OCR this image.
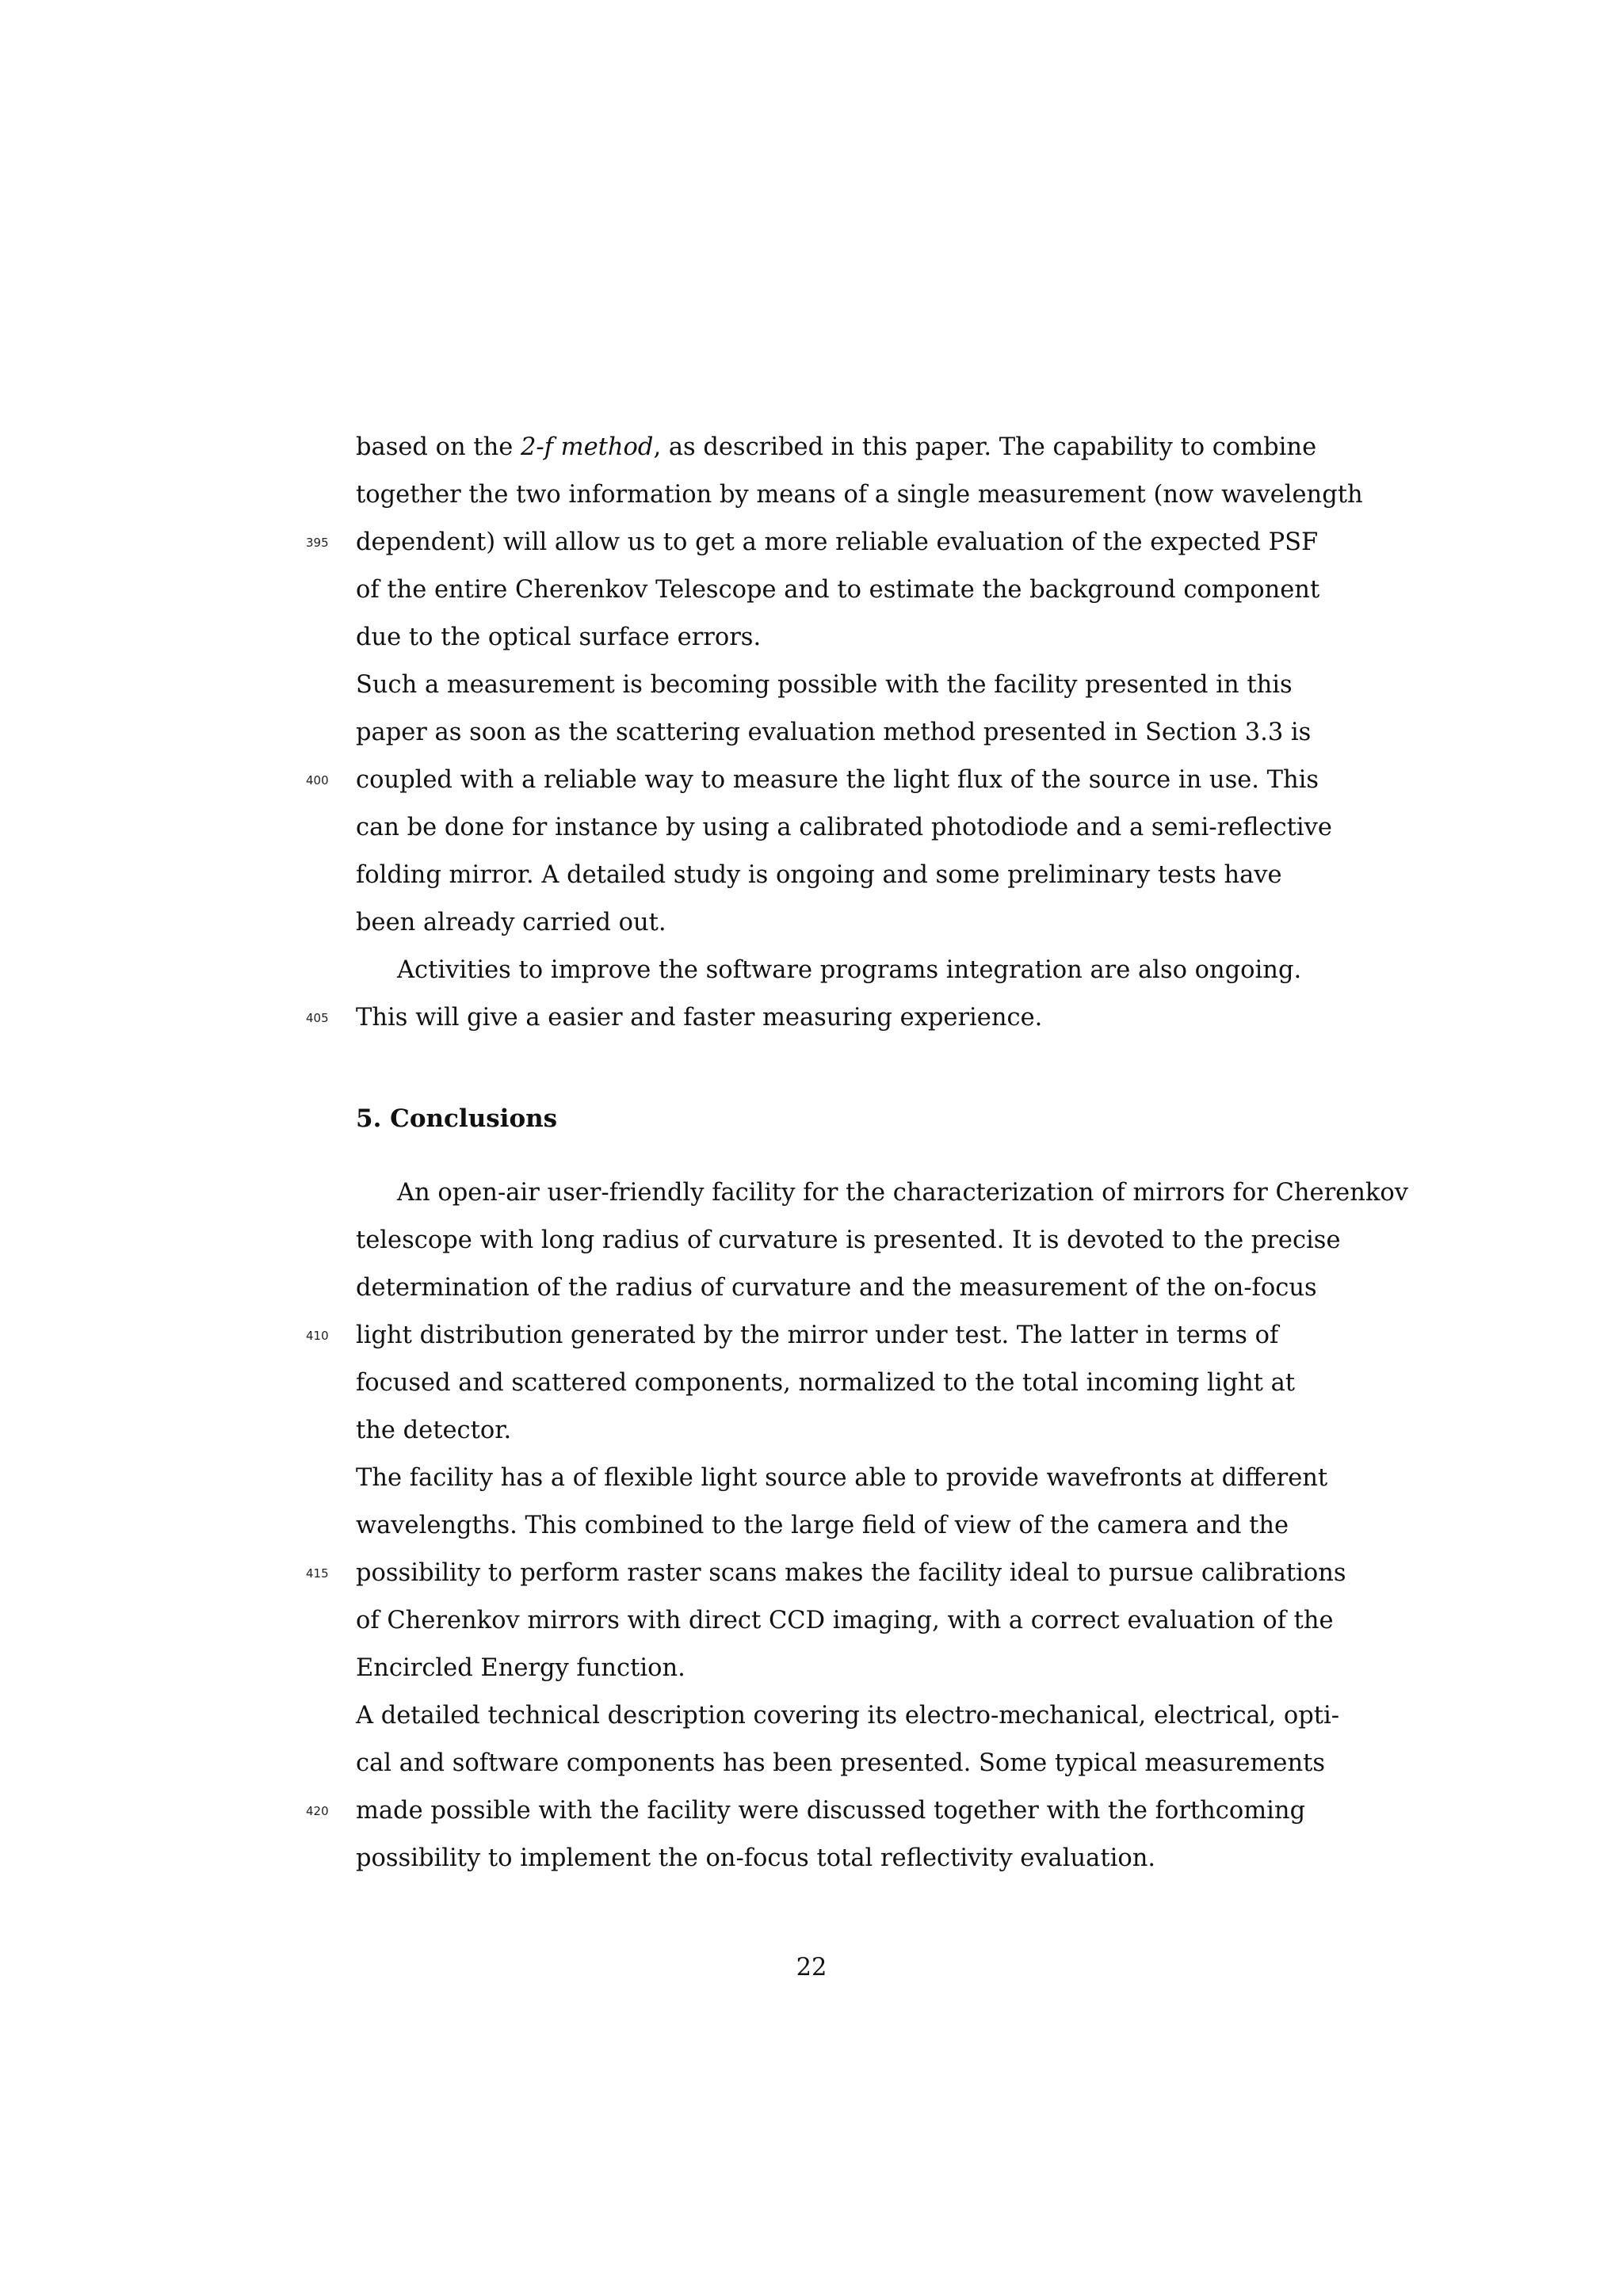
based on the 2-f method, as described in this paper. The capability to combine
together the two information by means of a single measurement (now wavelength
395 dependent) will allow us to get a more reliable evaluation of the expected PSF
of the entire Cherenkov Telescope and to estimate the background component
due to the optical surface errors.
Such a measurement is becoming possible with the facility presented in this
paper as soon as the scattering evaluation method presented in Section 3.3 is
400 coupled with a reliable way to measure the light flux of the source in use. This
can be done for instance by using a calibrated photodiode and a semi-reflective
folding mirror. A detailed study is ongoing and some preliminary tests have
been already carried out.
Activities to improve the software programs integration are also ongoing.
405 This will give a easier and faster measuring experience.
5. Conclusions
An open-air user-friendly facility for the characterization of mirrors for Cherenkov
telescope with long radius of curvature is presented. It is devoted to the precise
determination of the radius of curvature and the measurement of the on-focus
410 light distribution generated by the mirror under test. The latter in terms of
focused and scattered components, normalized to the total incoming light at
the detector.
The facility has a of flexible light source able to provide wavefronts at different
wavelengths. This combined to the large field of view of the camera and the
415 possibility to perform raster scans makes the facility ideal to pursue calibrations
of Cherenkov mirrors with direct CCD imaging, with a correct evaluation of the
Encircled Energy function.
A detailed technical description covering its electro-mechanical, electrical, opti-
cal and software components has been presented. Some typical measurements
420 made possible with the facility were discussed together with the forthcoming
possibility to implement the on-focus total reflectivity evaluation.
22
